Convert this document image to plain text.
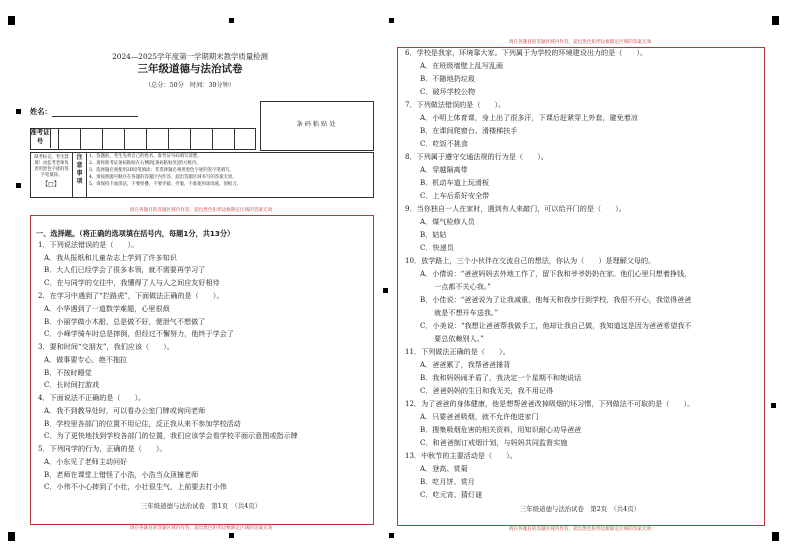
2024—2025学年度第一学期期末教学质量检测
三年级道德与法治试卷
（总分：50分　时间：30分钟）
姓名：
准考证号
条 码 粘 贴 处
缺考标记，考生禁填！由监考老师负责用黑色字迹的签字笔填涂。
【□】
注意事项
1、答题前，考生先将自己的姓名、准考证号码填写清楚。
2、请将准考证条码粘贴在右侧的[条码粘贴处]的方框内。
3、选择题必须使用2B铅笔填涂；非选择题必须用黑色字迹的签字笔填写。
4、请按照题号顺序在各题的答题区内作答，超出答题区域书写的答案无效。
5、请保持卡面清洁，不要折叠、不要弄破、弄皱，不准使用涂改液、刮纸刀。
请在各题目的答题区域内作答，超出黑色矩形边框限定区域的答案无效
请在各题目的答题区域内作答，超出黑色矩形边框限定区域的答案无效
一、选择题。（将正确的选项填在括号内，每题1分，共13分）
1．下列说法错误的是（　　）。
A．我从报纸和儿童杂志上学到了许多知识
B．大人们已经学会了很多本领，就不需要再学习了
C．在与同学的交往中，我懂得了人与人之间应友好相待
2．在学习中遇到了“拦路虎”，下面做法正确的是（　　）。
A．小华遇到了一道数学难题，心里很烦
B．小丽学做小木船，总是做不好，便泄气不想做了
C．小峰学骑车时总是摔倒，但经过不懈努力，他终于学会了
3．要和时间“交朋友”，我们应该（　　）。
A．做事要专心，绝不拖拉
B．不按时睡觉
C．长时间打游戏
4．下面说法不正确的是（　　）。
A．我不到教导处时，可以看办公室门牌或询问老师
B．学校里各部门的位置不用记住，反正我从来不参加学校活动
C．为了更快地找到学校各部门的位置，我们应该学会看学校平面示意图或指示牌
5．下列同学的行为，正确的是（　　）。
A．小东见了老师主动问好
B．老师在课堂上错怪了小浩，小浩当众顶撞老师
C．小伟不小心摔到了小壮，小壮很生气，上前要去打小伟
三年级道德与法治试卷　第1页　（共4页）
请在各题目的答题区域内作答，超出黑色矩形边框限定区域的答案无效
请在各题目的答题区域内作答，超出黑色矩形边框限定区域的答案无效
6．学校是我家，环境靠大家。下列属于为学校的环境建设出力的是（　　）。
A．在班级墙壁上乱写乱画
B．不随地扔垃圾
C．破坏学校公物
7．下列做法错误的是（　　）。
A．小明上体育课，身上出了很多汗，下课后赶紧穿上外套，避免着凉
B．在课间爬窗台、滑楼梯扶手
C．吃饭不挑食
8．下列属于遵守交通法规的行为是（　　）。
A．穿越隔离带
B．机动车道上玩滑板
C．上车后系好安全带
9．当你独自一人在家时，遇到有人来敲门，可以给开门的是（　　）。
A．煤气检修人员
B．姑姑
C．快递员
10．放学路上，三个小伙伴在交流自己的想法，你认为（　　）是理解父母的。
A．小倩说：“爸爸妈妈去外地工作了，留下我和爷爷奶奶在家。他们心里只想着挣钱，
　　一点都不关心我。”
B．小佳说：“爸爸说为了让我减重，他每天和我步行到学校，我很不开心，我觉得爸爸
　　就是不想开车送我。”
C．小美说：“我想让爸爸帮我做手工，他却让我自己做，我知道这是因为爸爸希望我不
　　要总依赖别人。”
11．下列做法正确的是（　　）。
A．爸爸累了，我帮爸爸捶背
B．我和妈妈闹矛盾了，我决定一个星期不和她说话
C．爸爸妈妈的生日和我无关，我不用记得
12．为了爸爸的身体健康，他是想帮爸爸改掉吸烟的坏习惯，下列做法不可取的是（　　）。
A．只要爸爸吸烟，就不允许他进家门
B．搜集吸烟危害的相关资料，用知识耐心劝导爸爸
C．和爸爸制订戒烟计划，与妈妈共同监督实施
13．中秋节的主要活动是（　　）。
A．登高、赏菊
B．吃月饼、赏月
C．吃元宵、猜灯谜
三年级道德与法治试卷　第2页　（共4页）
